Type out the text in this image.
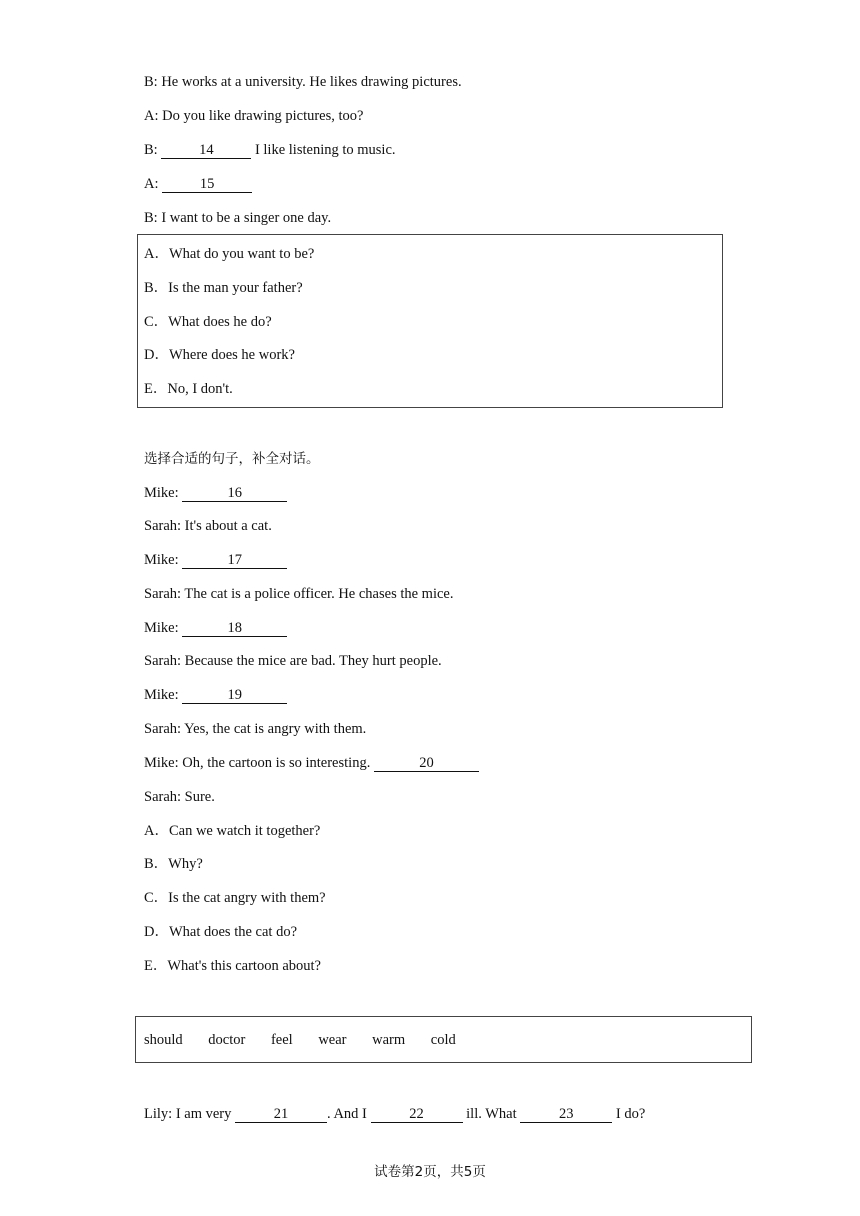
B: He works at a university. He likes drawing pictures.
A: Do you like drawing pictures, too?
B:	14	I like listening to music.
A:	15
B: I want to be a singer one day.
A．What do you want to be?
B．Is the man your father?
C．What does he do?
D．Where does he work?
E．No, I don't.
选择合适的句子，补全对话。
Mike:	16
Sarah: It's about a cat.
Mike:	17
Sarah: The cat is a police officer. He chases the mice.
Mike:	18
Sarah: Because the mice are bad. They hurt people.
Mike:	19
Sarah: Yes, the cat is angry with them.
Mike: Oh, the cartoon is so interesting.	20
Sarah: Sure.
A．Can we watch it together?
B．Why?
C．Is the cat angry with them?
D．What does the cat do?
E．What's this cartoon about?
should doctor feel wear warm cold
Lily: I am very	21	. And I	22	ill. What	23	I do?
试卷第2页，共5页
